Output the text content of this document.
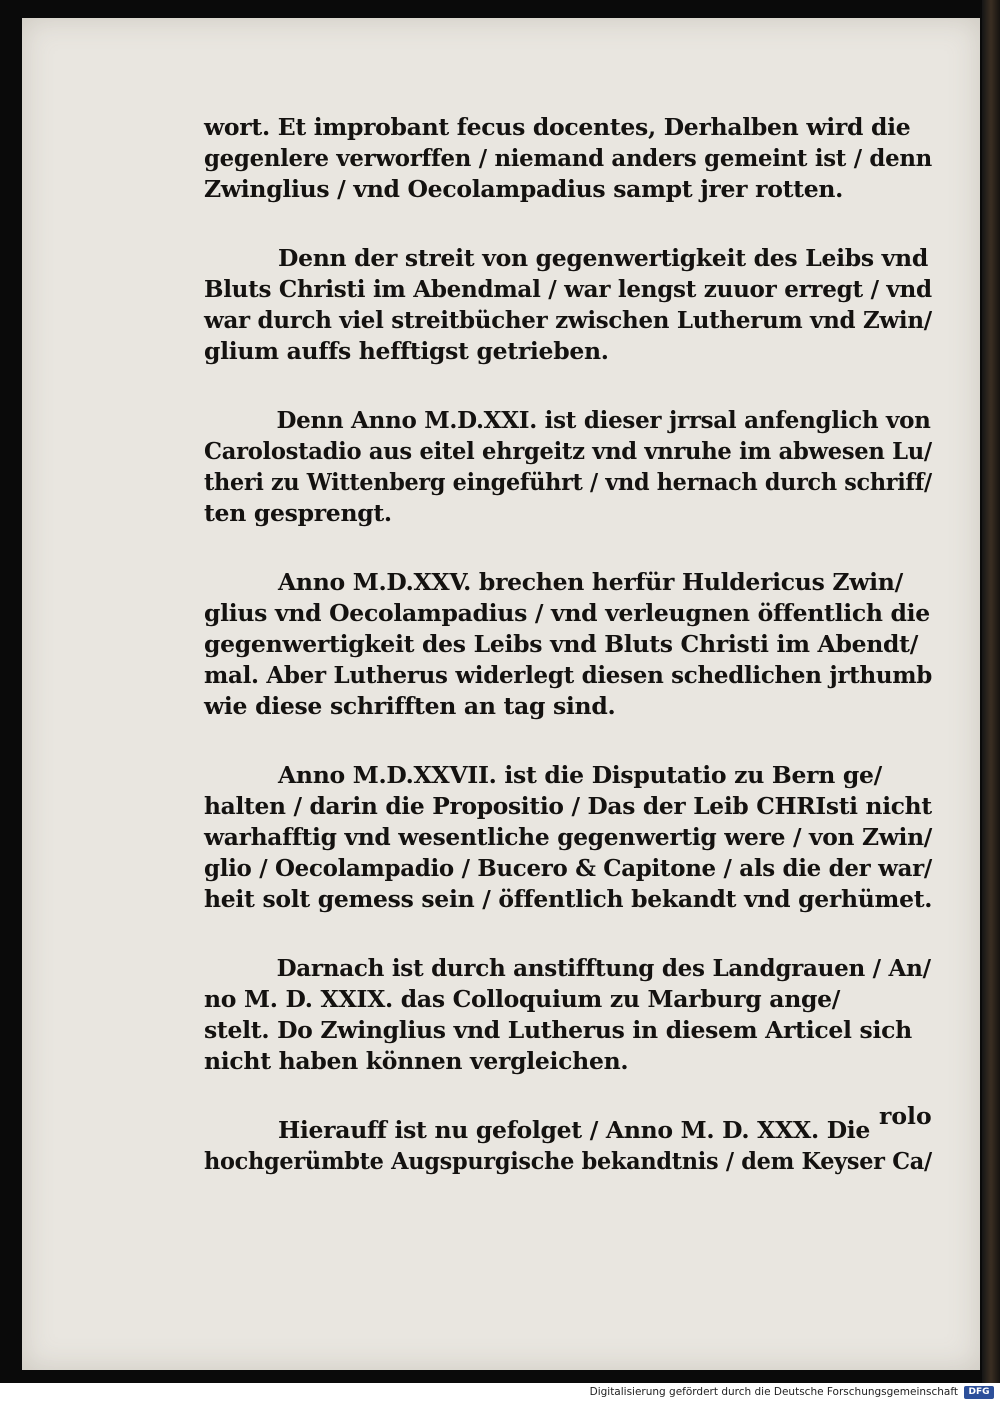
wort. Et improbant fecus docentes, Derhalben wird die
gegenlere verworffen / niemand anders gemeint ist / denn
Zwinglius / vnd Oecolampadius sampt jrer rotten.
Denn der streit von gegenwertigkeit des Leibs vnd
Bluts Christi im Abendmal / war lengst zuuor erregt / vnd
war durch viel streitbücher zwischen Lutherum vnd Zwin/
glium auffs hefftigst getrieben.
Denn Anno M.D.XXI. ist dieser jrrsal anfenglich von
Carolostadio aus eitel ehrgeitz vnd vnruhe im abwesen Lu/
theri zu Wittenberg eingeführt / vnd hernach durch schriff/
ten gesprengt.
Anno M.D.XXV. brechen herfür Huldericus Zwin/
glius vnd Oecolampadius / vnd verleugnen öffentlich die
gegenwertigkeit des Leibs vnd Bluts Christi im Abendt/
mal. Aber Lutherus widerlegt diesen schedlichen jrthumb
wie diese schrifften an tag sind.
Anno M.D.XXVII. ist die Disputatio zu Bern ge/
halten / darin die Propositio / Das der Leib CHRIsti nicht
warhafftig vnd wesentliche gegenwertig were / von Zwin/
glio / Oecolampadio / Bucero & Capitone / als die der war/
heit solt gemess sein / öffentlich bekandt vnd gerhümet.
Darnach ist durch anstifftung des Landgrauen / An/
no M. D. XXIX. das Colloquium zu Marburg ange/
stelt. Do Zwinglius vnd Lutherus in diesem Articel sich
nicht haben können vergleichen.
Hierauff ist nu gefolget / Anno M. D. XXX. Die
hochgerümbte Augspurgische bekandtnis / dem Keyser Ca/
rolo
Digitalisierung gefördert durch die Deutsche Forschungsgemeinschaft	DFG
